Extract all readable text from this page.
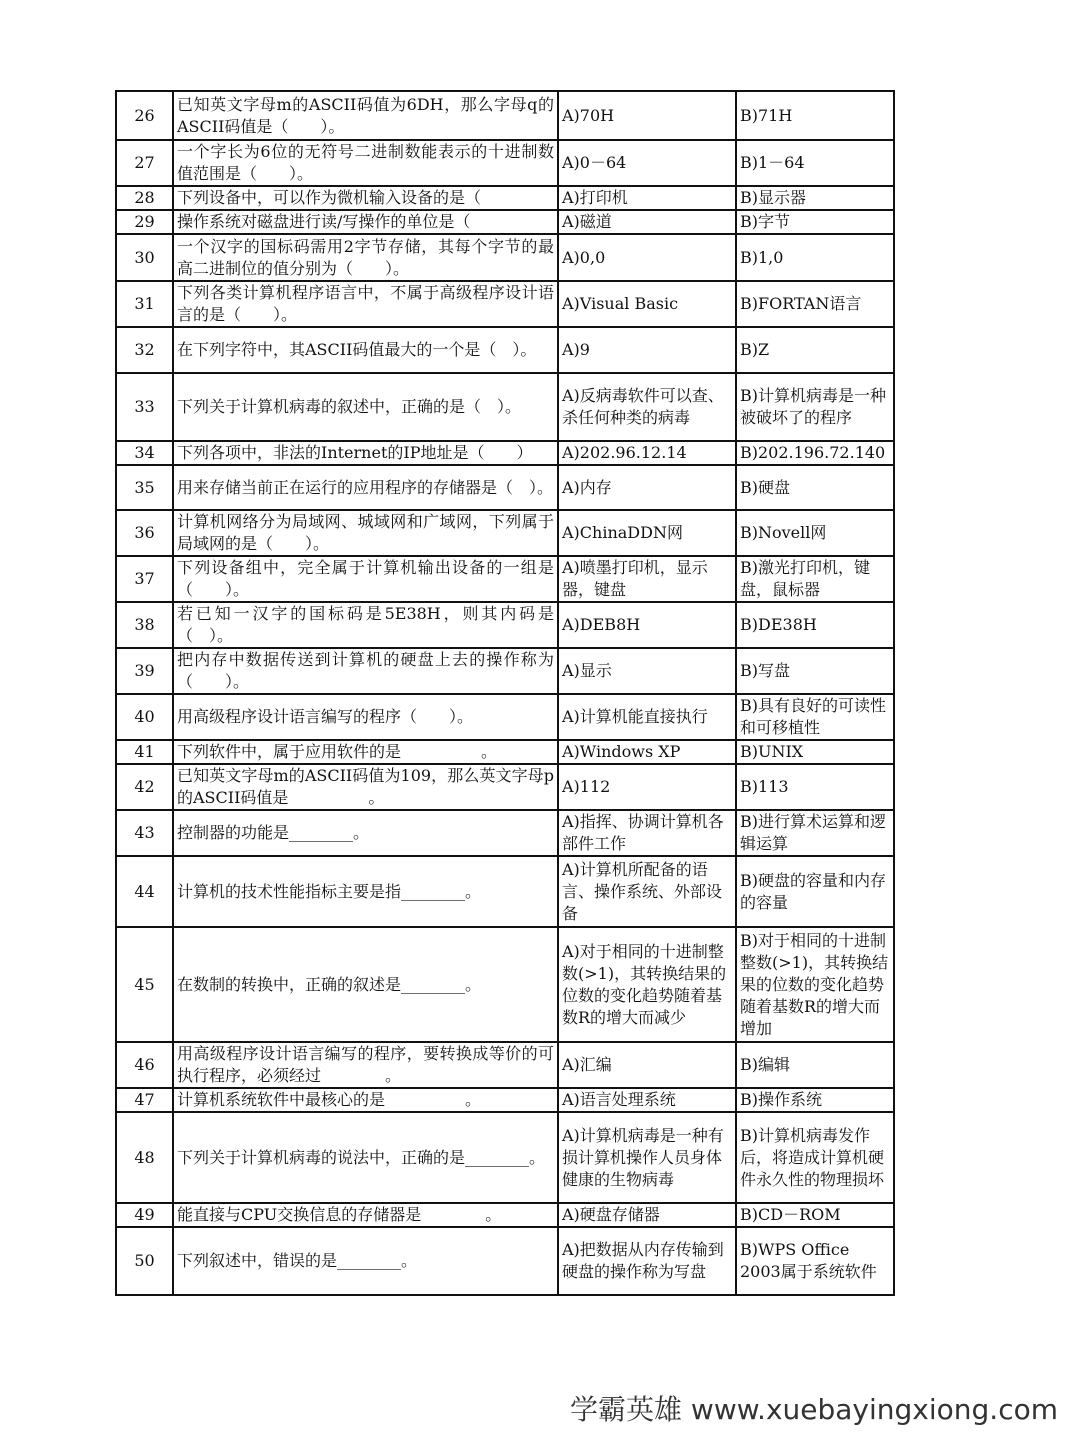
26	已知英文字母m的ASCII码值为6DH，那么字母q的ASCII码值是（　　）。	A)70H	B)71H
27	一个字长为6位的无符号二进制数能表示的十进制数值范围是（　　）。	A)0－64	B)1－64
28	下列设备中，可以作为微机输入设备的是（	A)打印机	B)显示器
29	操作系统对磁盘进行读/写操作的单位是（	A)磁道	B)字节
30	一个汉字的国标码需用2字节存储，其每个字节的最高二进制位的值分别为（　　）。	A)0,0	B)1,0
31	下列各类计算机程序语言中，不属于高级程序设计语言的是（　　）。	A)Visual Basic	B)FORTAN语言
32	在下列字符中，其ASCII码值最大的一个是（　）。	A)9	B)Z
33	下列关于计算机病毒的叙述中，正确的是（　）。	A)反病毒软件可以查、杀任何种类的病毒	B)计算机病毒是一种被破坏了的程序
34	下列各项中，非法的Internet的IP地址是（　　）	A)202.96.12.14	B)202.196.72.140
35	用来存储当前正在运行的应用程序的存储器是（　）。	A)内存	B)硬盘
36	计算机网络分为局域网、城域网和广域网，下列属于局域网的是（　　）。	A)ChinaDDN网	B)Novell网
37	下列设备组中，完全属于计算机输出设备的一组是（　　）。	A)喷墨打印机，显示器，键盘	B)激光打印机，键盘，鼠标器
38	若已知一汉字的国标码是5E38H，则其内码是（　）。	A)DEB8H	B)DE38H
39	把内存中数据传送到计算机的硬盘上去的操作称为（　　）。	A)显示	B)写盘
40	用高级程序设计语言编写的程序（　　）。	A)计算机能直接执行	B)具有良好的可读性和可移植性
41	下列软件中，属于应用软件的是　　　　　。	A)Windows XP	B)UNIX
42	已知英文字母m的ASCII码值为109，那么英文字母p的ASCII码值是　　　　　。	A)112	B)113
43	控制器的功能是________。	A)指挥、协调计算机各部件工作	B)进行算术运算和逻辑运算
44	计算机的技术性能指标主要是指________。	A)计算机所配备的语言、操作系统、外部设备	B)硬盘的容量和内存的容量
45	在数制的转换中，正确的叙述是________。	A)对于相同的十进制整数(>1)，其转换结果的位数的变化趋势随着基数R的增大而减少	B)对于相同的十进制整数(>1)，其转换结果的位数的变化趋势随着基数R的增大而增加
46	用高级程序设计语言编写的程序，要转换成等价的可执行程序，必须经过　　　　。	A)汇编	B)编辑
47	计算机系统软件中最核心的是　　　　　。	A)语言处理系统	B)操作系统
48	下列关于计算机病毒的说法中，正确的是________。	A)计算机病毒是一种有损计算机操作人员身体健康的生物病毒	B)计算机病毒发作后，将造成计算机硬件永久性的物理损坏
49	能直接与CPU交换信息的存储器是　　　　。	A)硬盘存储器	B)CD－ROM
50	下列叙述中，错误的是________。	A)把数据从内存传输到硬盘的操作称为写盘	B)WPS Office 2003属于系统软件
学霸英雄 www.xuebayingxiong.com
